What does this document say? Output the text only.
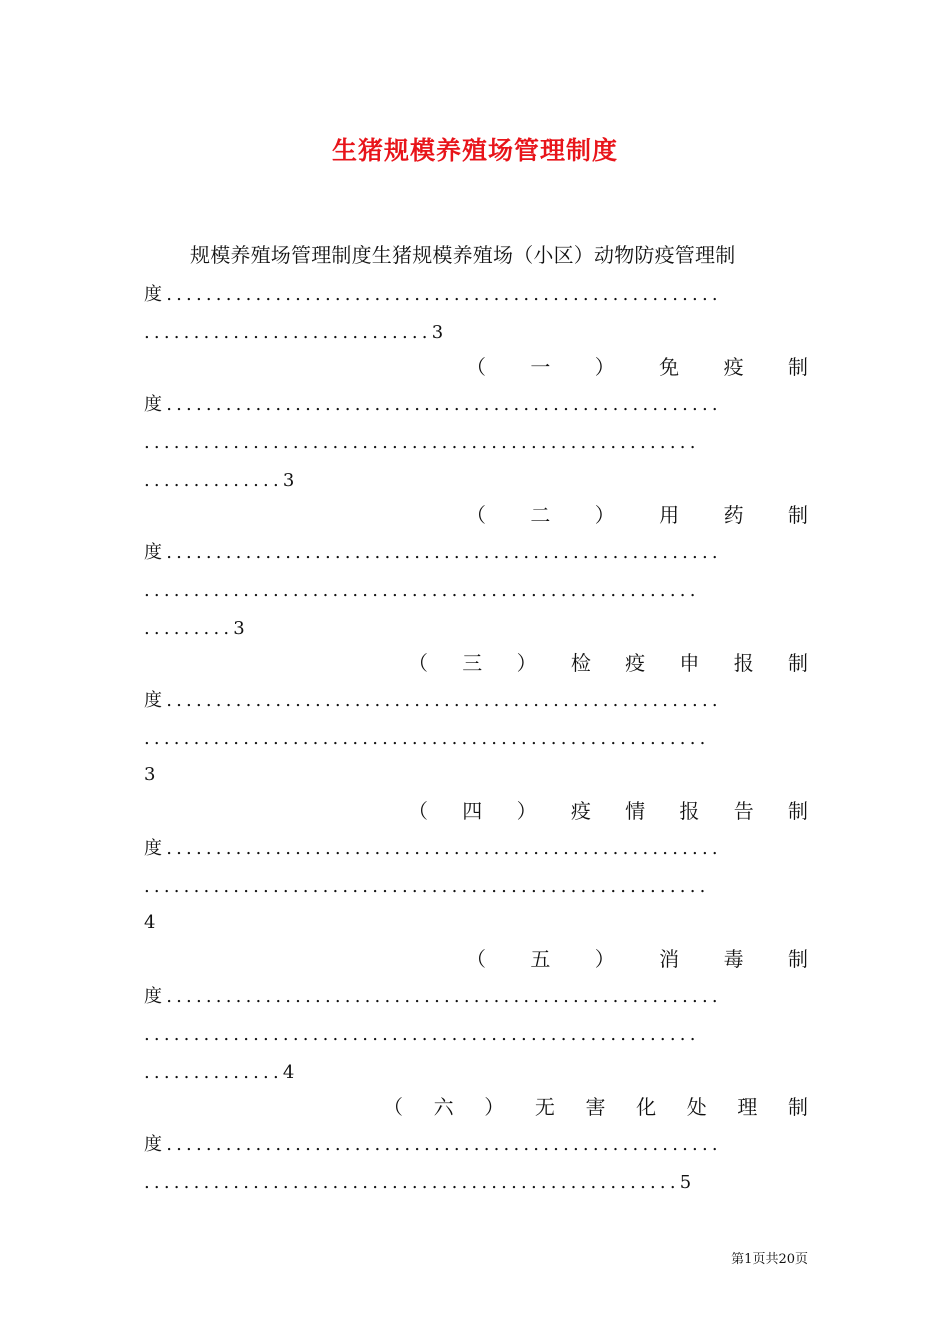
生猪规模养殖场管理制度
规模养殖场管理制度生猪规模养殖场（小区）动物防疫管理制
度........................................................
.............................3
（ 一 ） 免 疫 制
度........................................................
........................................................
..............3
（ 二 ） 用 药 制
度........................................................
........................................................
.........3
（ 三 ） 检 疫 申 报 制
度........................................................
.........................................................
3
（ 四 ） 疫 情 报 告 制
度........................................................
.........................................................
4
（ 五 ） 消 毒 制
度........................................................
........................................................
..............4
（ 六 ） 无 害 化 处 理 制
度........................................................
......................................................5
第1页共20页
